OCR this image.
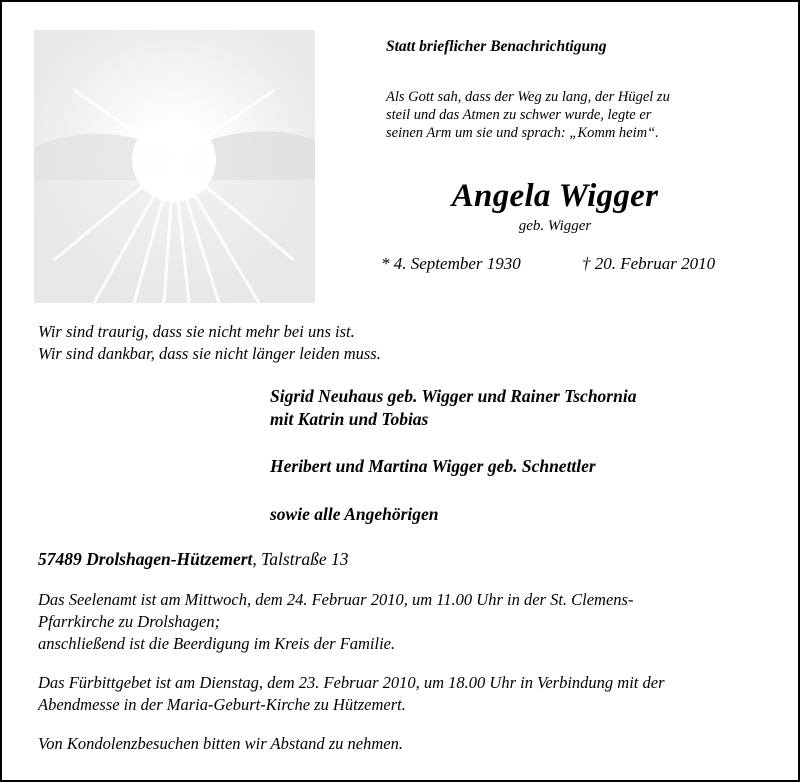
Statt brieflicher Benachrichtigung
Als Gott sah, dass der Weg zu lang, der Hügel zu
steil und das Atmen zu schwer wurde, legte er
seinen Arm um sie und sprach: „Komm heim“.
Angela Wigger
geb. Wigger
* 4. September 1930	† 20. Februar 2010
Wir sind traurig, dass sie nicht mehr bei uns ist.
Wir sind dankbar, dass sie nicht länger leiden muss.
Sigrid Neuhaus geb. Wigger und Rainer Tschornia
mit Katrin und Tobias
Heribert und Martina Wigger geb. Schnettler
sowie alle Angehörigen
57489 Drolshagen-Hützemert, Talstraße 13
Das Seelenamt ist am Mittwoch, dem 24. Februar 2010, um 11.00 Uhr in der St. Clemens-
Pfarrkirche zu Drolshagen;
anschließend ist die Beerdigung im Kreis der Familie.
Das Fürbittgebet ist am Dienstag, dem 23. Februar 2010, um 18.00 Uhr in Verbindung mit der
Abendmesse in der Maria-Geburt-Kirche zu Hützemert.
Von Kondolenzbesuchen bitten wir Abstand zu nehmen.
